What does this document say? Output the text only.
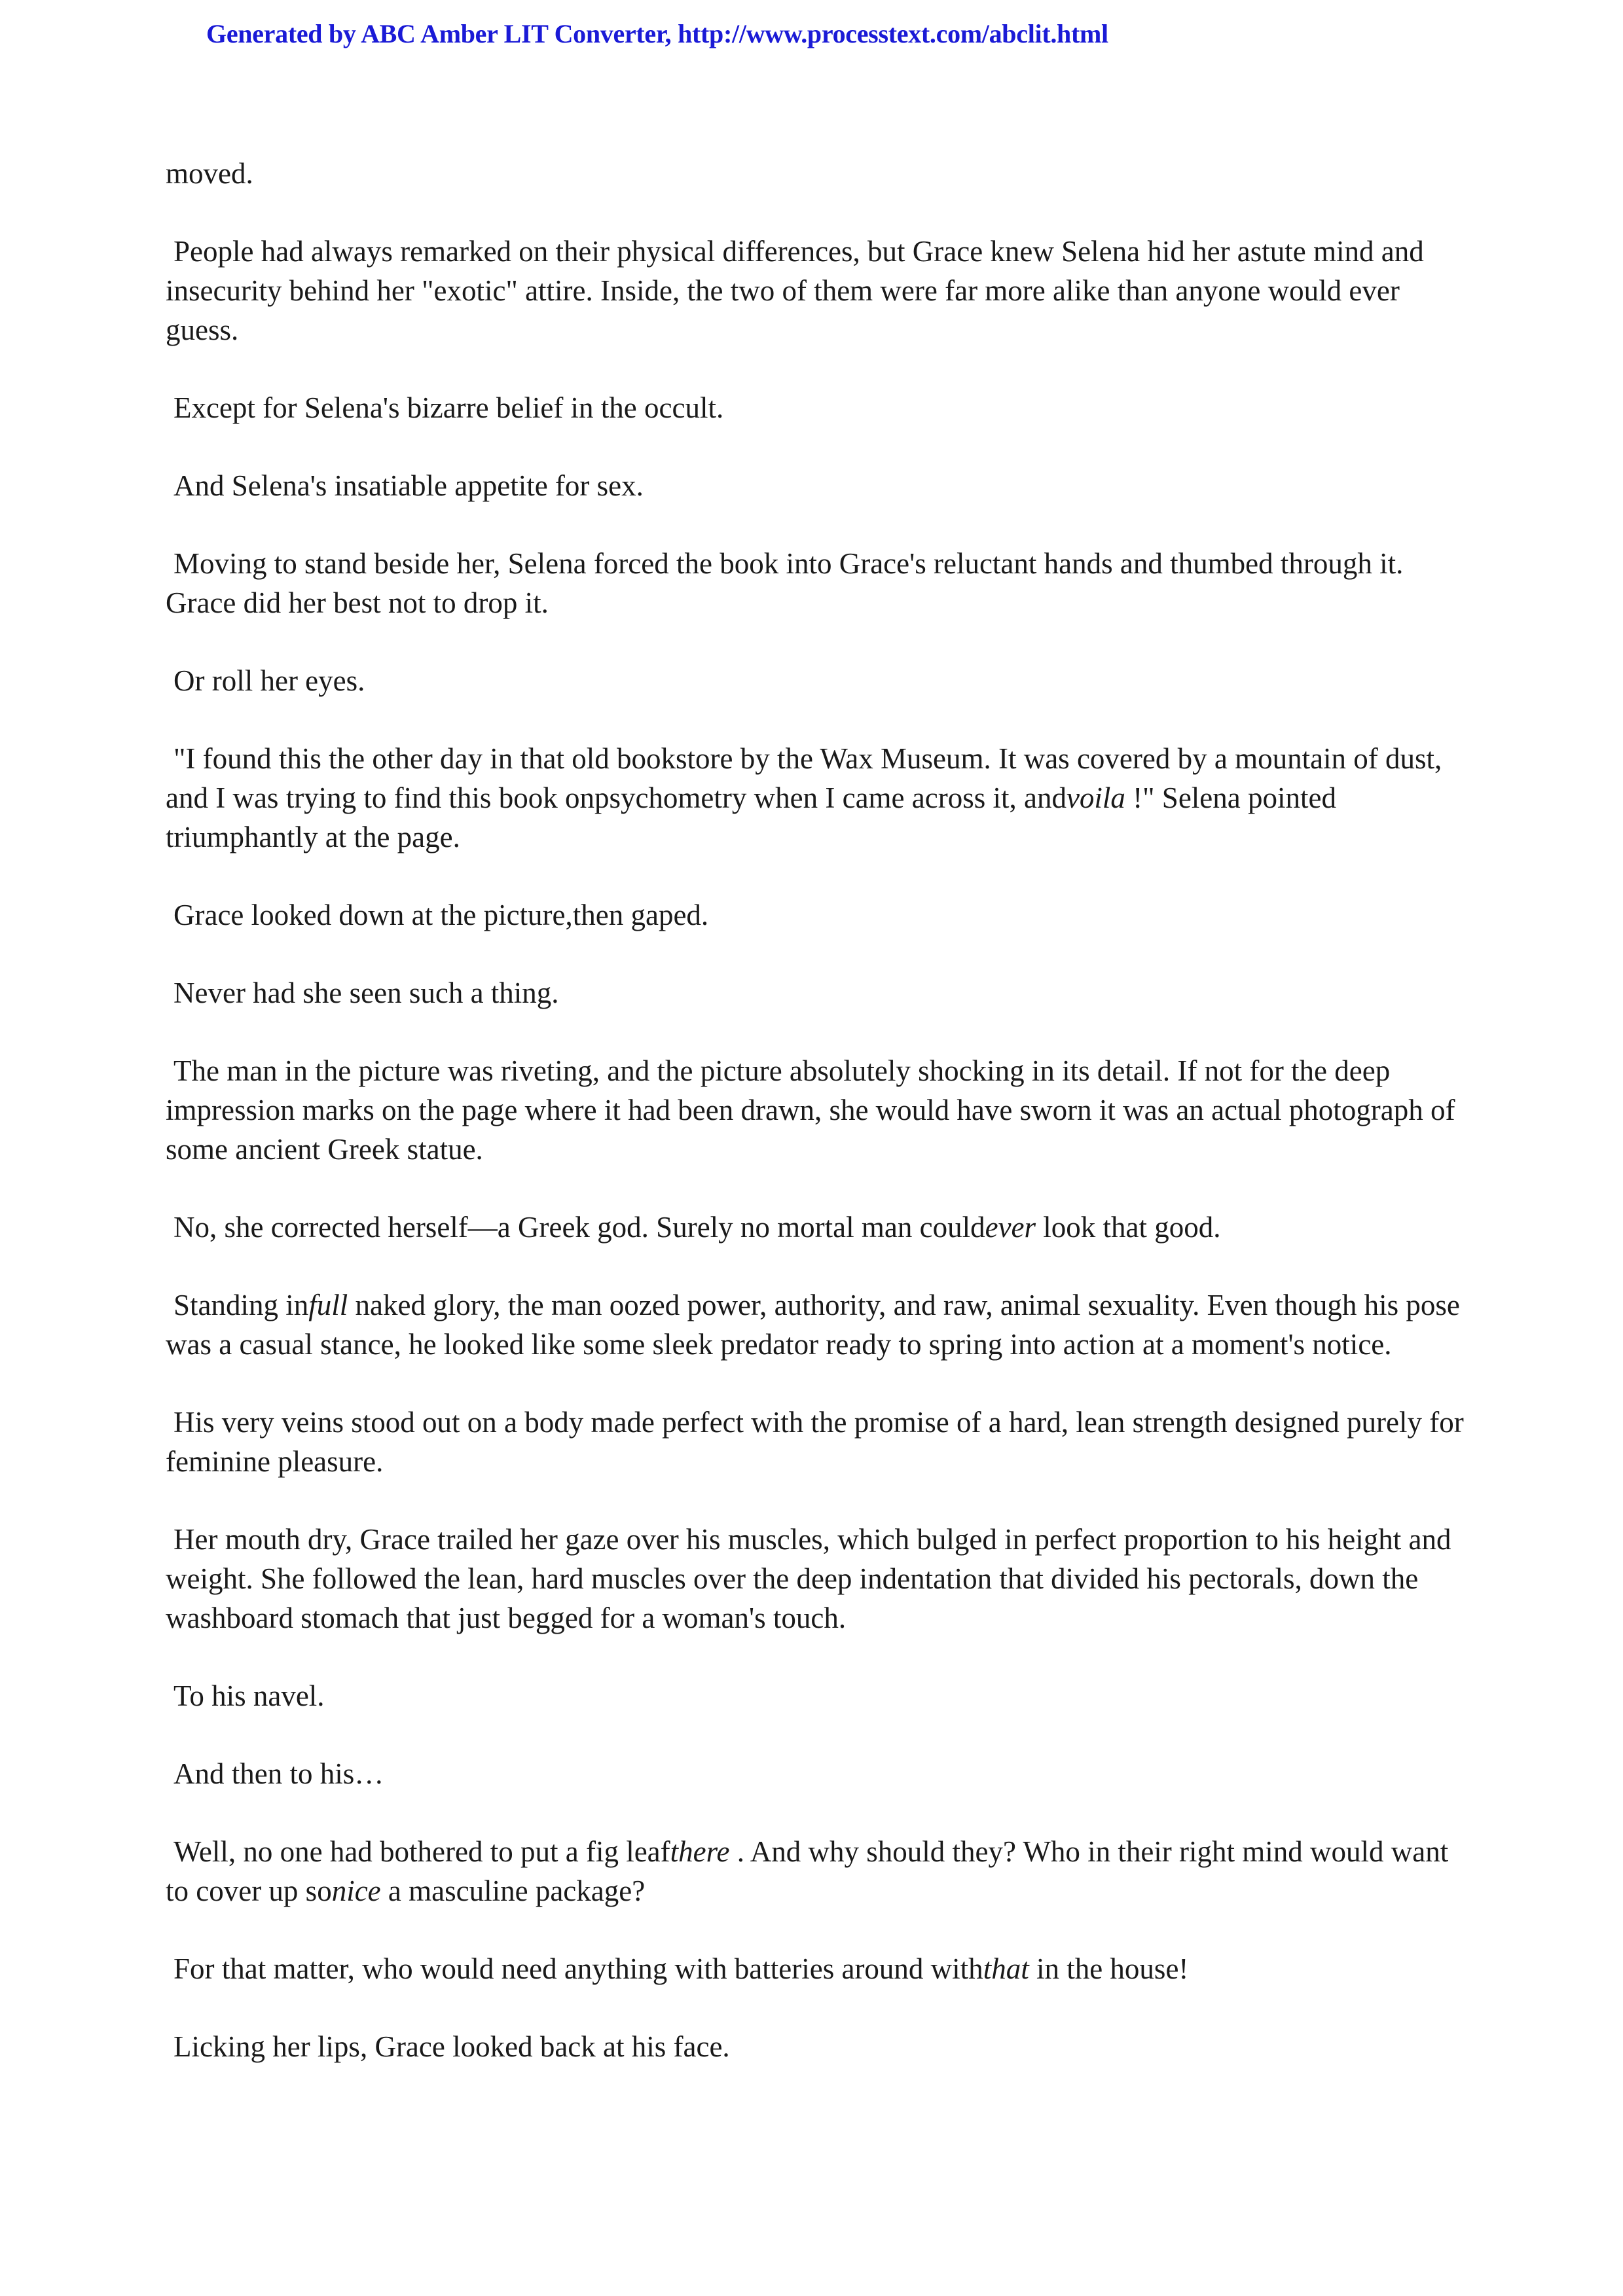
Generated by ABC Amber LIT Converter, http://www.processtext.com/abclit.html

moved.

People had always remarked on their physical differences, but Grace knew Selena hid her astute mind and insecurity behind her "exotic" attire. Inside, the two of them were far more alike than anyone would ever guess.

Except for Selena's bizarre belief in the occult.

And Selena's insatiable appetite for sex.

Moving to stand beside her, Selena forced the book into Grace's reluctant hands and thumbed through it. Grace did her best not to drop it.

Or roll her eyes.

"I found this the other day in that old bookstore by the Wax Museum. It was covered by a mountain of dust, and I was trying to find this book onpsychometry when I came across it, andvoila !" Selena pointed triumphantly at the page.

Grace looked down at the picture,then gaped.

Never had she seen such a thing.

The man in the picture was riveting, and the picture absolutely shocking in its detail. If not for the deep impression marks on the page where it had been drawn, she would have sworn it was an actual photograph of some ancient Greek statue.

No, she corrected herself—a Greek god. Surely no mortal man couldever look that good.

Standing infull naked glory, the man oozed power, authority, and raw, animal sexuality. Even though his pose was a casual stance, he looked like some sleek predator ready to spring into action at a moment's notice.

His very veins stood out on a body made perfect with the promise of a hard, lean strength designed purely for feminine pleasure.

Her mouth dry, Grace trailed her gaze over his muscles, which bulged in perfect proportion to his height and weight. She followed the lean, hard muscles over the deep indentation that divided his pectorals, down the washboard stomach that just begged for a woman's touch.

To his navel.

And then to his…

Well, no one had bothered to put a fig leafthere . And why should they? Who in their right mind would want to cover up sonice a masculine package?

For that matter, who would need anything with batteries around withthat in the house!

Licking her lips, Grace looked back at his face.
